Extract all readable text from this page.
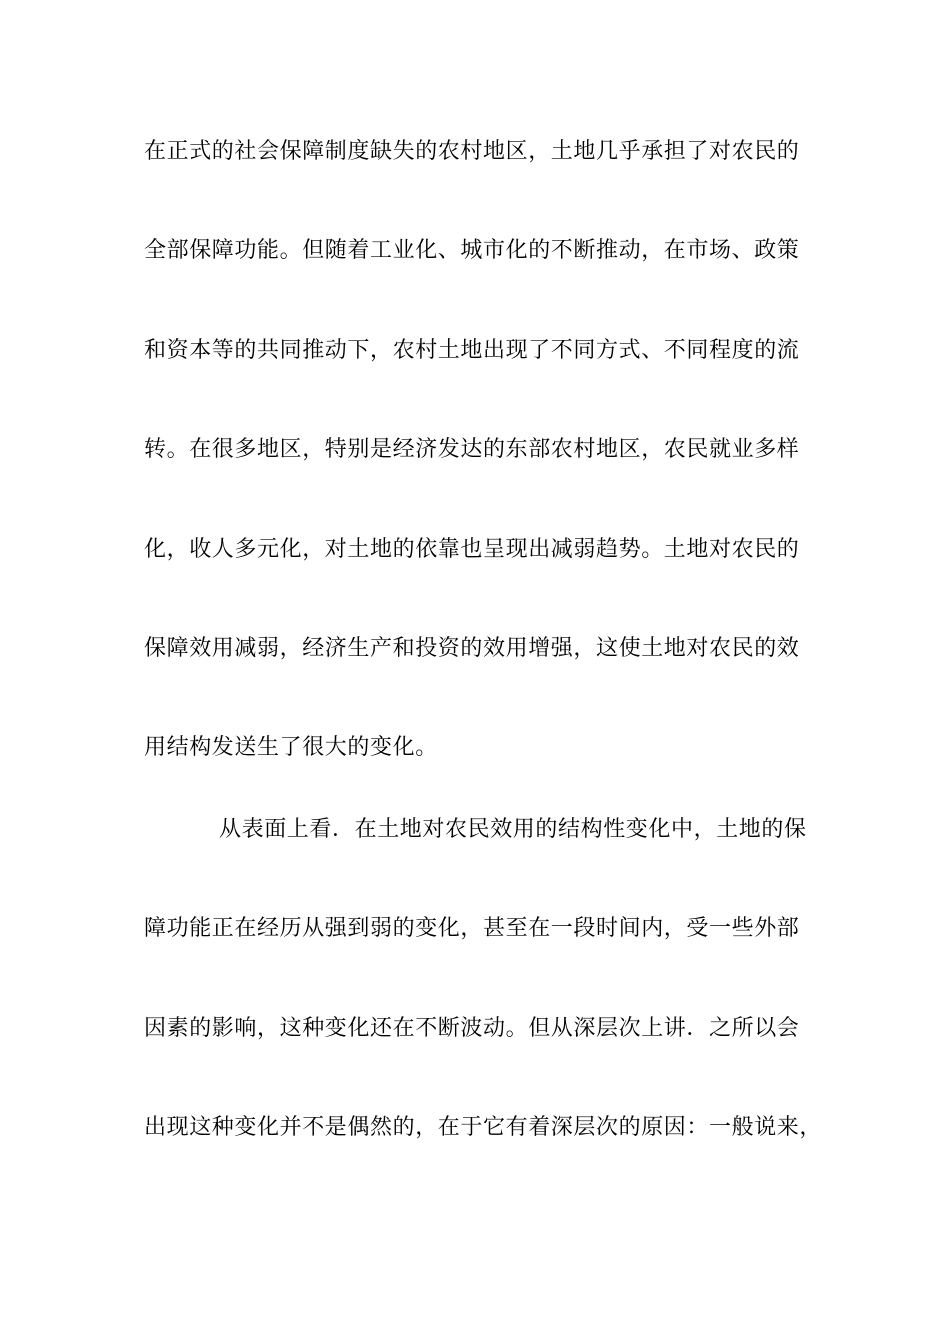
在正式的社会保障制度缺失的农村地区，土地几乎承担了对农民的
全部保障功能。但随着工业化、城市化的不断推动，在市场、政策
和资本等的共同推动下，农村土地出现了不同方式、不同程度的流
转。在很多地区，特别是经济发达的东部农村地区，农民就业多样
化，收人多元化，对土地的依靠也呈现出减弱趋势。土地对农民的
保障效用减弱，经济生产和投资的效用增强，这使土地对农民的效
用结构发送生了很大的变化。
从表面上看．在土地对农民效用的结构性变化中，土地的保
障功能正在经历从强到弱的变化，甚至在一段时间内，受一些外部
因素的影响，这种变化还在不断波动。但从深层次上讲．之所以会
出现这种变化并不是偶然的，在于它有着深层次的原因：一般说来，
